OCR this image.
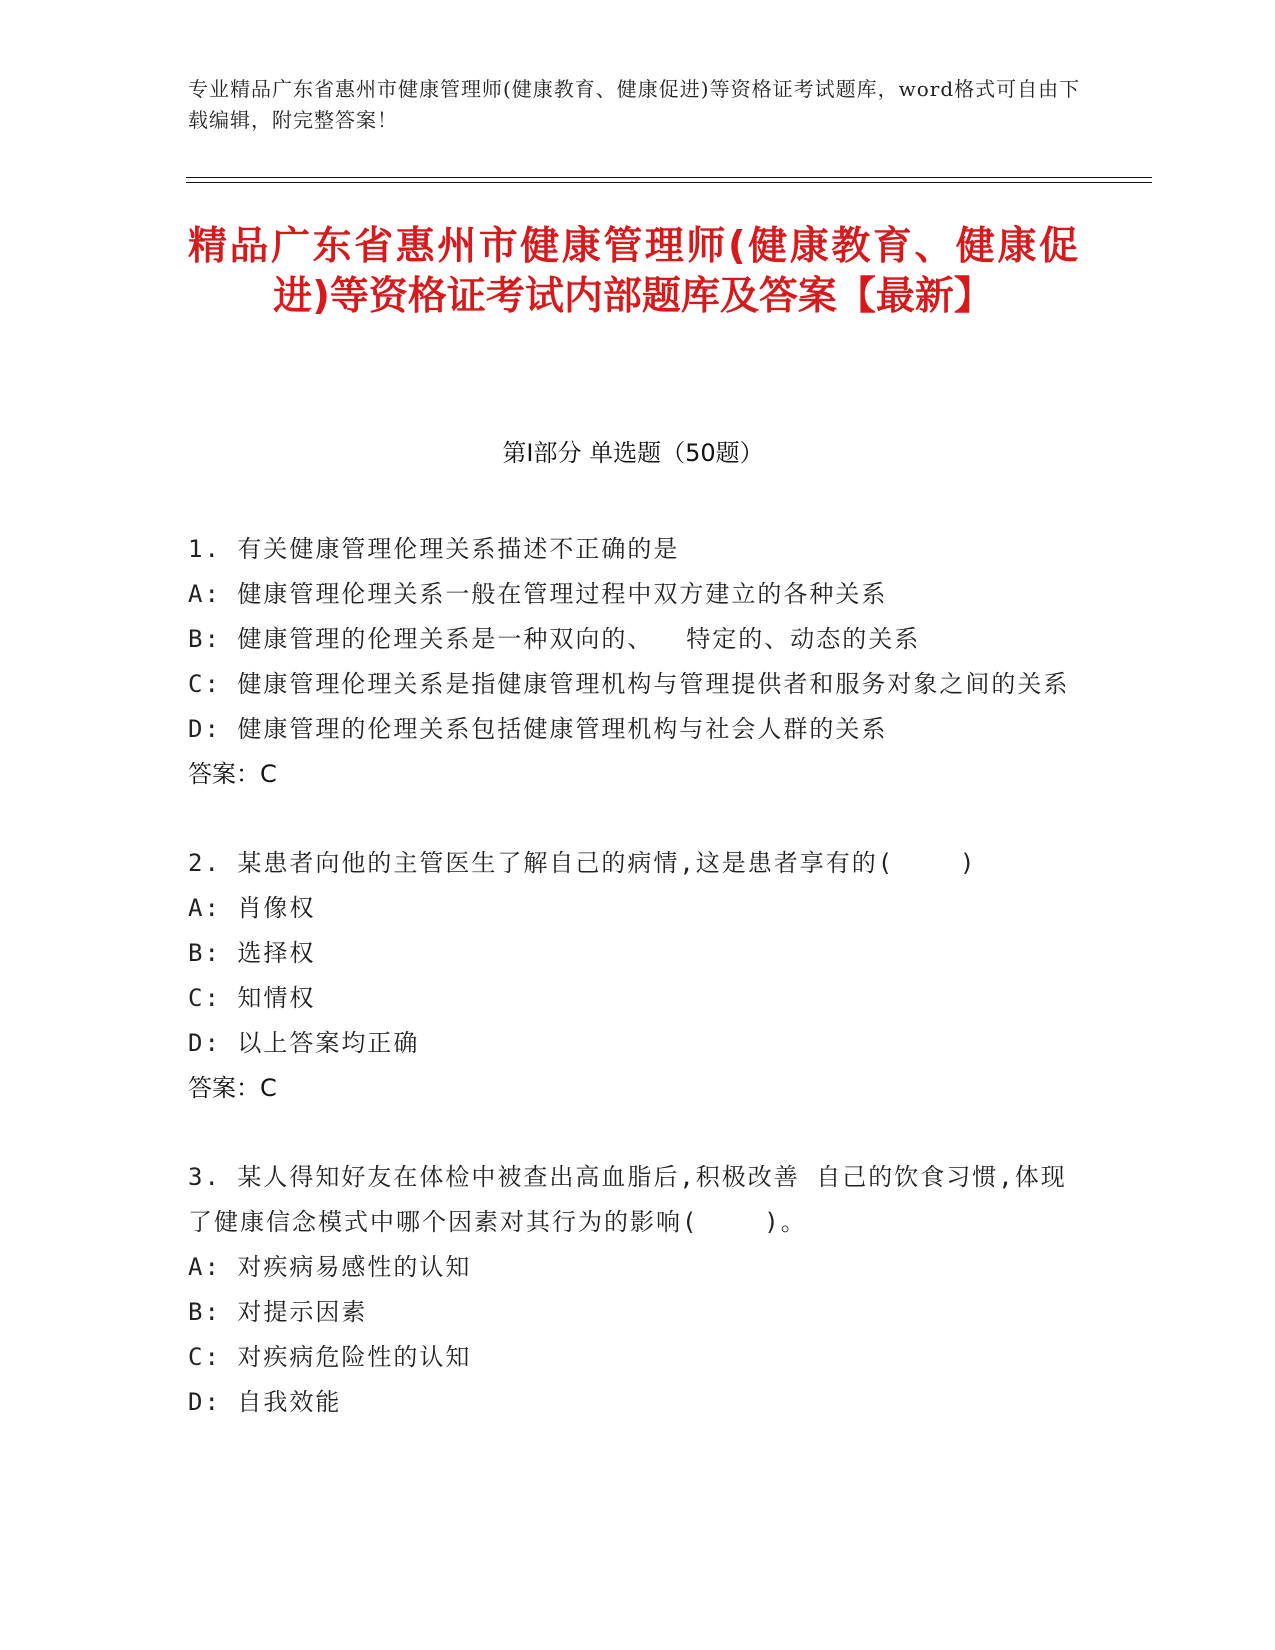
专业精品广东省惠州市健康管理师(健康教育、健康促进)等资格证考试题库，word格式可自由下载编辑，附完整答案！
精品广东省惠州市健康管理师(健康教育、健康促进)等资格证考试内部题库及答案【最新】
第I部分 单选题（50题）
1. 有关健康管理伦理关系描述不正确的是
A: 健康管理伦理关系一般在管理过程中双方建立的各种关系
B: 健康管理的伦理关系是一种双向的、  特定的、动态的关系
C: 健康管理伦理关系是指健康管理机构与管理提供者和服务对象之间的关系
D: 健康管理的伦理关系包括健康管理机构与社会人群的关系
答案：C
2. 某患者向他的主管医生了解自己的病情,这是患者享有的(    )
A: 肖像权
B: 选择权
C: 知情权
D: 以上答案均正确
答案：C
3. 某人得知好友在体检中被查出高血脂后,积极改善 自己的饮食习惯,体现了健康信念模式中哪个因素对其行为的影响(    )。
A: 对疾病易感性的认知
B: 对提示因素
C: 对疾病危险性的认知
D: 自我效能
